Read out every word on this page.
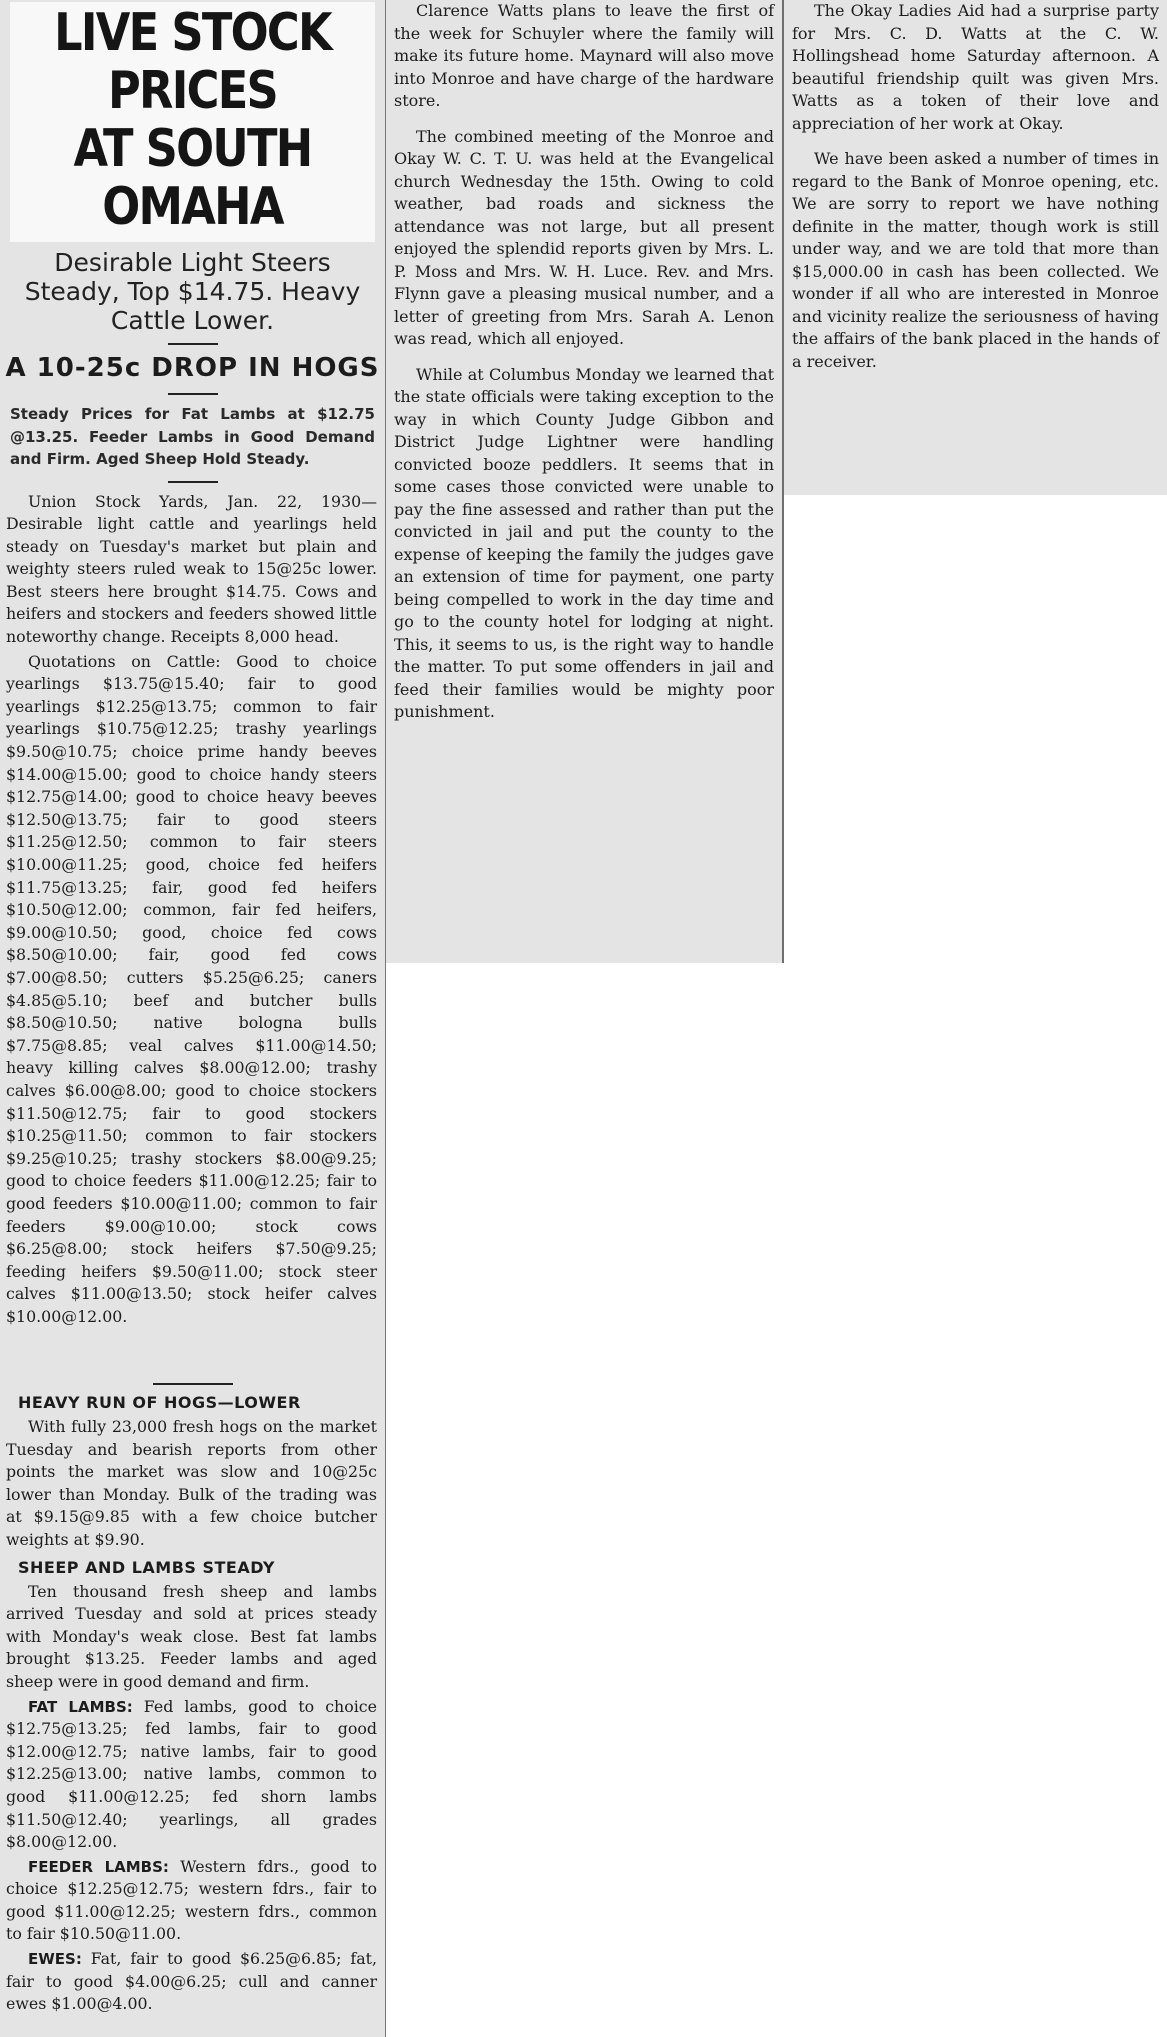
LIVE STOCK PRICES

AT SOUTH OMAHA

Desirable Light Steers Steady, Top $14.75. Heavy Cattle Lower.

A 10-25c DROP IN HOGS

Steady Prices for Fat Lambs at $12.75 @13.25. Feeder Lambs in Good Demand and Firm. Aged Sheep Hold Steady.

Union Stock Yards, Jan. 22, 1930—Desirable light cattle and yearlings held steady on Tuesday's market but plain and weighty steers ruled weak to 15@25c lower. Best steers here brought $14.75. Cows and heifers and stockers and feeders showed little noteworthy change. Receipts 8,000 head.

Quotations on Cattle: Good to choice yearlings $13.75@15.40; fair to good yearlings $12.25@13.75; common to fair yearlings $10.75@12.25; trashy yearlings $9.50@10.75; choice prime handy beeves $14.00@15.00; good to choice handy steers $12.75@14.00; good to choice heavy beeves $12.50@13.75; fair to good steers $11.25@12.50; common to fair steers $10.00@11.25; good, choice fed heifers $11.75@13.25; fair, good fed heifers $10.50@12.00; common, fair fed heifers, $9.00@10.50; good, choice fed cows $8.50@10.00; fair, good fed cows $7.00@8.50; cutters $5.25@6.25; caners $4.85@5.10; beef and butcher bulls $8.50@10.50; native bologna bulls $7.75@8.85; veal calves $11.00@14.50; heavy killing calves $8.00@12.00; trashy calves $6.00@8.00; good to choice stockers $11.50@12.75; fair to good stockers $10.25@11.50; common to fair stockers $9.25@10.25; trashy stockers $8.00@9.25; good to choice feeders $11.00@12.25; fair to good feeders $10.00@11.00; common to fair feeders $9.00@10.00; stock cows $6.25@8.00; stock heifers $7.50@9.25; feeding heifers $9.50@11.00; stock steer calves $11.00@13.50; stock heifer calves $10.00@12.00.

HEAVY RUN OF HOGS—LOWER

With fully 23,000 fresh hogs on the market Tuesday and bearish reports from other points the market was slow and 10@25c lower than Monday. Bulk of the trading was at $9.15@9.85 with a few choice butcher weights at $9.90.

SHEEP AND LAMBS STEADY

Ten thousand fresh sheep and lambs arrived Tuesday and sold at prices steady with Monday's weak close. Best fat lambs brought $13.25. Feeder lambs and aged sheep were in good demand and firm.

FAT LAMBS: Fed lambs, good to choice $12.75@13.25; fed lambs, fair to good $12.00@12.75; native lambs, fair to good $12.25@13.00; native lambs, common to good $11.00@12.25; fed shorn lambs $11.50@12.40; yearlings, all grades $8.00@12.00.

FEEDER LAMBS: Western fdrs., good to choice $12.25@12.75; western fdrs., fair to good $11.00@12.25; western fdrs., common to fair $10.50@11.00.

EWES: Fat, fair to good $6.25@6.85; fat, fair to good $4.00@6.25; cull and canner ewes $1.00@4.00.

Clarence Watts plans to leave the first of the week for Schuyler where the family will make its future home. Maynard will also move into Monroe and have charge of the hardware store.

The combined meeting of the Monroe and Okay W. C. T. U. was held at the Evangelical church Wednesday the 15th. Owing to cold weather, bad roads and sickness the attendance was not large, but all present enjoyed the splendid reports given by Mrs. L. P. Moss and Mrs. W. H. Luce. Rev. and Mrs. Flynn gave a pleasing musical number, and a letter of greeting from Mrs. Sarah A. Lenon was read, which all enjoyed.

While at Columbus Monday we learned that the state officials were taking exception to the way in which County Judge Gibbon and District Judge Lightner were handling convicted booze peddlers. It seems that in some cases those convicted were unable to pay the fine assessed and rather than put the convicted in jail and put the county to the expense of keeping the family the judges gave an extension of time for payment, one party being compelled to work in the day time and go to the county hotel for lodging at night. This, it seems to us, is the right way to handle the matter. To put some offenders in jail and feed their families would be mighty poor punishment.

The Okay Ladies Aid had a surprise party for Mrs. C. D. Watts at the C. W. Hollingshead home Saturday afternoon. A beautiful friendship quilt was given Mrs. Watts as a token of their love and appreciation of her work at Okay.

We have been asked a number of times in regard to the Bank of Monroe opening, etc. We are sorry to report we have nothing definite in the matter, though work is still under way, and we are told that more than $15,000.00 in cash has been collected. We wonder if all who are interested in Monroe and vicinity realize the seriousness of having the affairs of the bank placed in the hands of a receiver.
